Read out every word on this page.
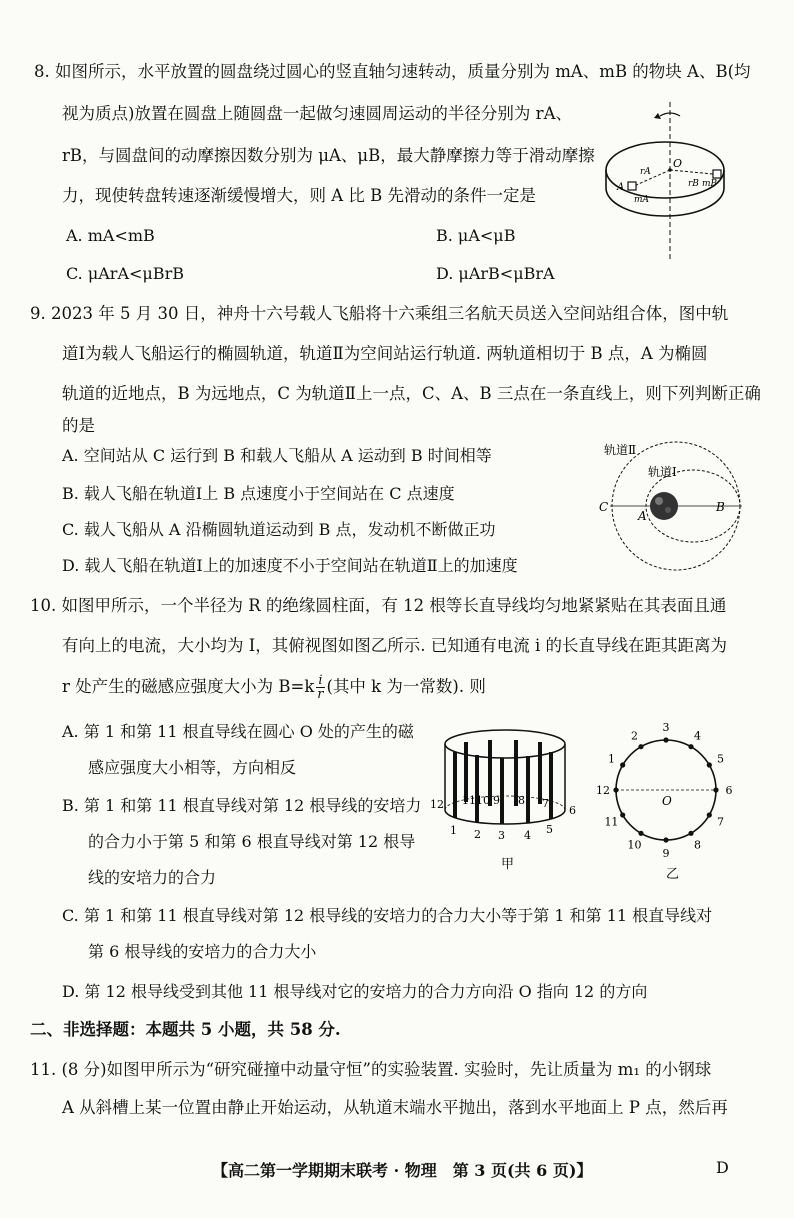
8. 如图所示，水平放置的圆盘绕过圆心的竖直轴匀速转动，质量分别为 mA、mB 的物块 A、B(均
视为质点)放置在圆盘上随圆盘一起做匀速圆周运动的半径分别为 rA、
rB，与圆盘间的动摩擦因数分别为 μA、μB，最大静摩擦力等于滑动摩擦
力，现使转盘转速逐渐缓慢增大，则 A 比 B 先滑动的条件一定是
A. mA<mB	B. μA<μB
C. μArA<μBrB	D. μArB<μBrA
O
rA
rB mB
A
mA
9. 2023 年 5 月 30 日，神舟十六号载人飞船将十六乘组三名航天员送入空间站组合体，图中轨
道Ⅰ为载人飞船运行的椭圆轨道，轨道Ⅱ为空间站运行轨道. 两轨道相切于 B 点，A 为椭圆
轨道的近地点，B 为远地点，C 为轨道Ⅱ上一点，C、A、B 三点在一条直线上，则下列判断正确
的是
A. 空间站从 C 运行到 B 和载人飞船从 A 运动到 B 时间相等
B. 载人飞船在轨道Ⅰ上 B 点速度小于空间站在 C 点速度
C. 载人飞船从 A 沿椭圆轨道运动到 B 点，发动机不断做正功
D. 载人飞船在轨道Ⅰ上的加速度不小于空间站在轨道Ⅱ上的加速度
轨道Ⅱ
轨道Ⅰ
C
A
B
10. 如图甲所示，一个半径为 R 的绝缘圆柱面，有 12 根等长直导线均匀地紧紧贴在其表面且通
有向上的电流，大小均为 I，其俯视图如图乙所示. 已知通有电流 i 的长直导线在距其距离为
r 处产生的磁感应强度大小为 $B=k \frac{i}{r}$ (其中 k 为一常数). 则
A. 第 1 和第 11 根直导线在圆心 O 处的产生的磁
感应强度大小相等，方向相反
B. 第 1 和第 11 根直导线对第 12 根导线的安培力
的合力小于第 5 和第 6 根直导线对第 12 根导
线的安培力的合力
C. 第 1 和第 11 根直导线对第 12 根导线的安培力的合力大小等于第 1 和第 11 根直导线对
第 6 根导线的安培力的合力大小
D. 第 12 根导线受到其他 11 根导线对它的安培力的合力方向沿 O 指向 12 的方向
11 10 9 8 7
6
12
1 2 3 4 5
甲
O
1
2
3
4
5
6
7
8
9
10
11
12
乙
二、非选择题：本题共 5 小题，共 58 分.
11. (8 分)如图甲所示为“研究碰撞中动量守恒”的实验装置. 实验时，先让质量为 m₁ 的小钢球
A 从斜槽上某一位置由静止开始运动，从轨道末端水平抛出，落到水平地面上 P 点，然后再
【高二第一学期期末联考 · 物理　第 3 页(共 6 页)】	D
